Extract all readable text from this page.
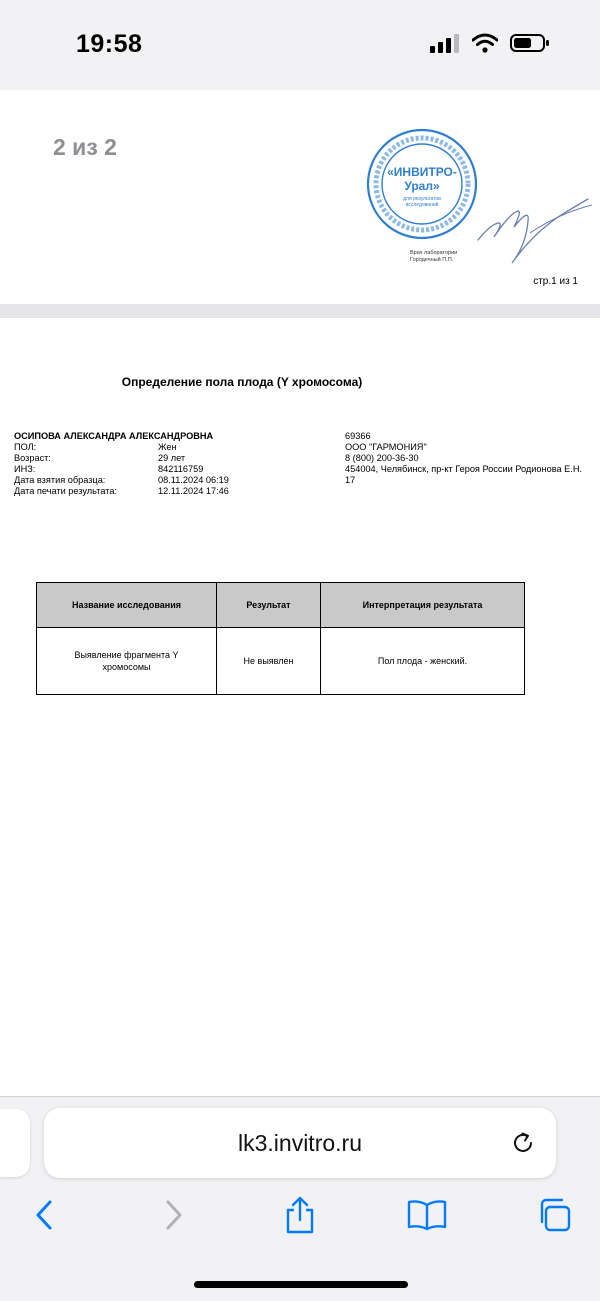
19:58
2 из 2
«ИНВИТРО-
Урал»
для результатов
исследований
Врач лаборатории
Городечный П.П.
стр.1 из 1
Определение пола плода (Y хромосома)
ОСИПОВА АЛЕКСАНДРА АЛЕКСАНДРОВНА
ПОЛ:	Жен
Возраст:	29 лет
ИНЗ:	842116759
Дата взятия образца:	08.11.2024 06:19
Дата печати результата:	12.11.2024 17:46
69366
ООО "ГАРМОНИЯ"
8 (800) 200-36-30
454004, Челябинск, пр-кт Героя России Родионова Е.Н.
17
Название исследования	Результат	Интерпретация результата

Выявление фрагмента Y хромосомы	Не выявлен	Пол плода - женский.
lk3.invitro.ru
